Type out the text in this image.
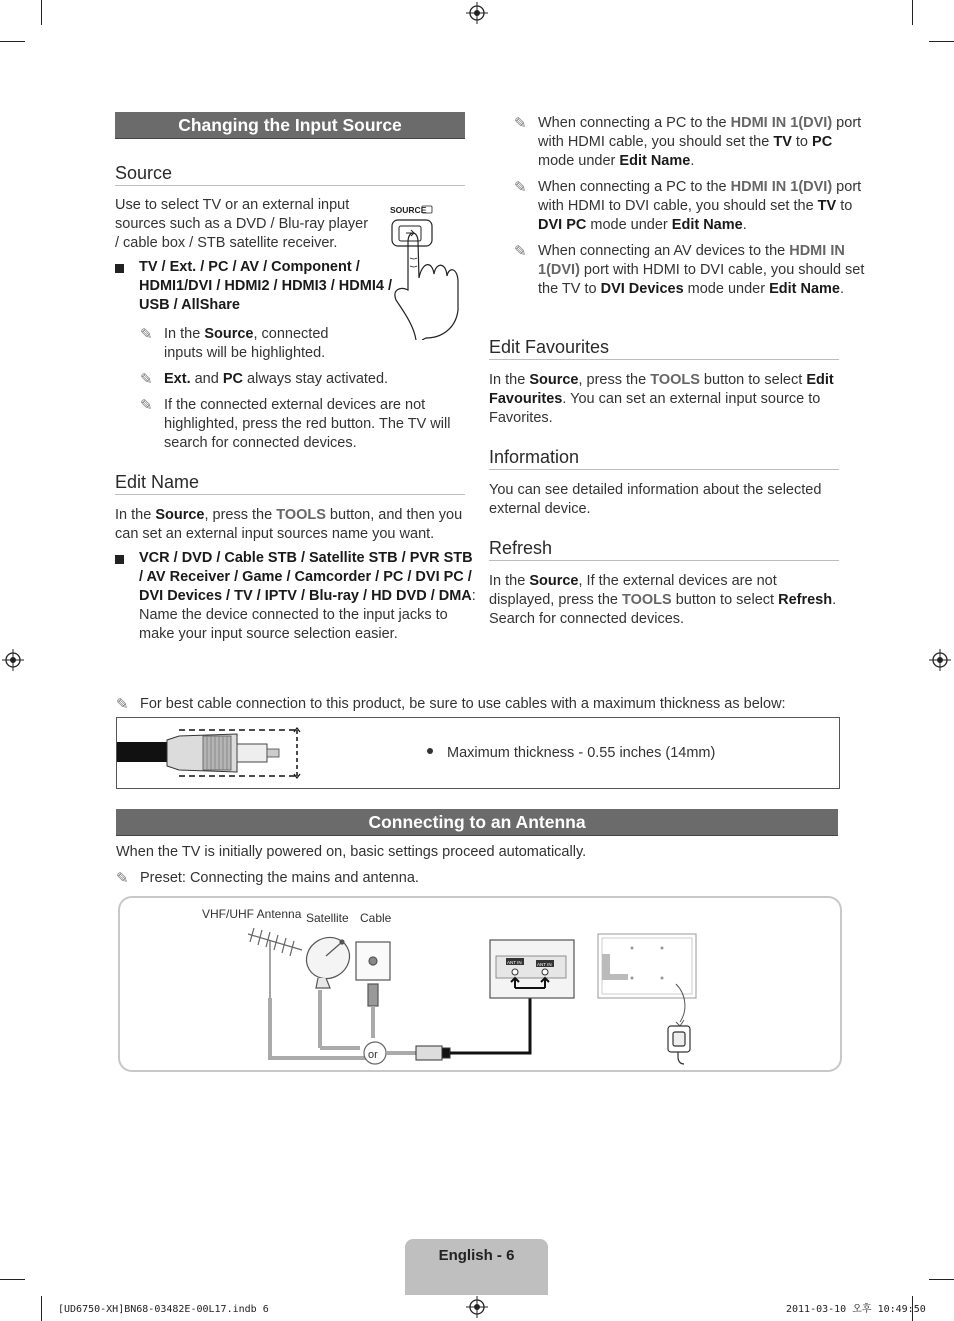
Changing the Input Source
Source
Use to select TV or an external input sources such as a DVD / Blu-ray player / cable box / STB satellite receiver.
SOURCE
TV / Ext. / PC / AV / Component / HDMI1/DVI / HDMI2 / HDMI3 / HDMI4 / USB / AllShare
✎ In the Source, connected inputs will be highlighted.
✎ Ext. and PC always stay activated.
✎ If the connected external devices are not highlighted, press the red button. The TV will search for connected devices.
Edit Name
In the Source, press the TOOLS button, and then you can set an external input sources name you want.
VCR / DVD / Cable STB / Satellite STB / PVR STB / AV Receiver / Game / Camcorder / PC / DVI PC / DVI Devices / TV / IPTV / Blu-ray / HD DVD / DMA: Name the device connected to the input jacks to make your input source selection easier.
✎ When connecting a PC to the HDMI IN 1(DVI) port with HDMI cable, you should set the TV to PC mode under Edit Name.
✎ When connecting a PC to the HDMI IN 1(DVI) port with HDMI to DVI cable, you should set the TV to DVI PC mode under Edit Name.
✎ When connecting an AV devices to the HDMI IN 1(DVI) port with HDMI to DVI cable, you should set the TV to DVI Devices mode under Edit Name.
Edit Favourites
In the Source, press the TOOLS button to select Edit Favourites. You can set an external input source to Favorites.
Information
You can see detailed information about the selected external device.
Refresh
In the Source, If the external devices are not displayed, press the TOOLS button to select Refresh. Search for connected devices.
✎ For best cable connection to this product, be sure to use cables with a maximum thickness as below:
Maximum thickness - 0.55 inches (14mm)
Connecting to an Antenna
When the TV is initially powered on, basic settings proceed automatically.
✎ Preset: Connecting the mains and antenna.
VHF/UHF Antenna Satellite Cable
or
ANT IN	ANT IN
English - 6
[UD6750-XH]BN68-03482E-00L17.indb 6	2011-03-10 오후 10:49:50
